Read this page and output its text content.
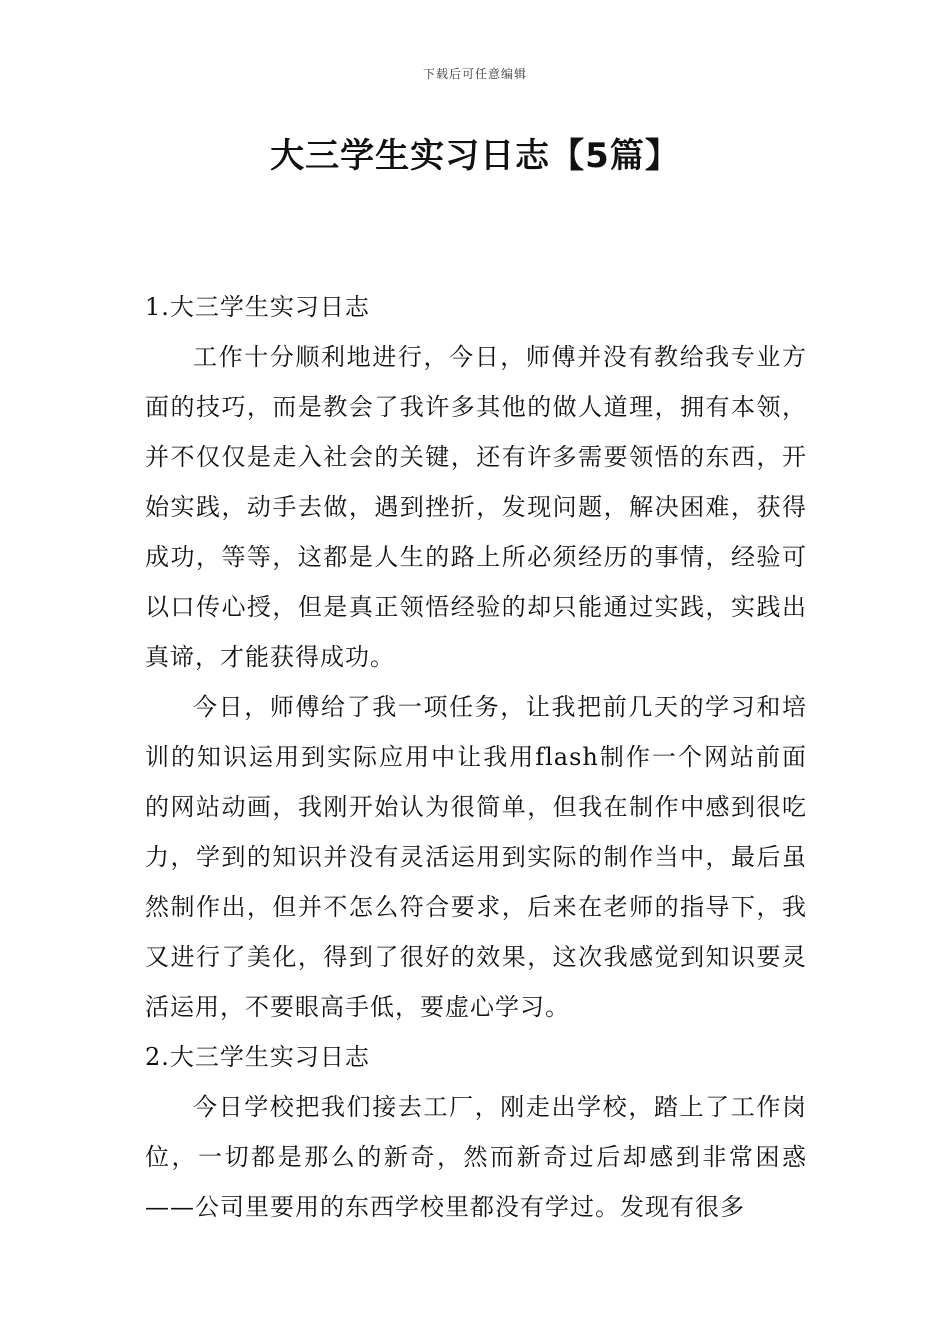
下载后可任意编辑
大三学生实习日志【5篇】

1.大三学生实习日志

工作十分顺利地进行，今日，师傅并没有教给我专业方面的技巧，而是教会了我许多其他的做人道理，拥有本领，并不仅仅是走入社会的关键，还有许多需要领悟的东西，开始实践，动手去做，遇到挫折，发现问题，解决困难，获得成功，等等，这都是人生的路上所必须经历的事情，经验可以口传心授，但是真正领悟经验的却只能通过实践，实践出真谛，才能获得成功。

今日，师傅给了我一项任务，让我把前几天的学习和培训的知识运用到实际应用中让我用flash制作一个网站前面的网站动画，我刚开始认为很简单，但我在制作中感到很吃力，学到的知识并没有灵活运用到实际的制作当中，最后虽然制作出，但并不怎么符合要求，后来在老师的指导下，我又进行了美化，得到了很好的效果，这次我感觉到知识要灵活运用，不要眼高手低，要虚心学习。

2.大三学生实习日志

今日学校把我们接去工厂，刚走出学校，踏上了工作岗位，一切都是那么的新奇，然而新奇过后却感到非常困惑——公司里要用的东西学校里都没有学过。发现有很多
